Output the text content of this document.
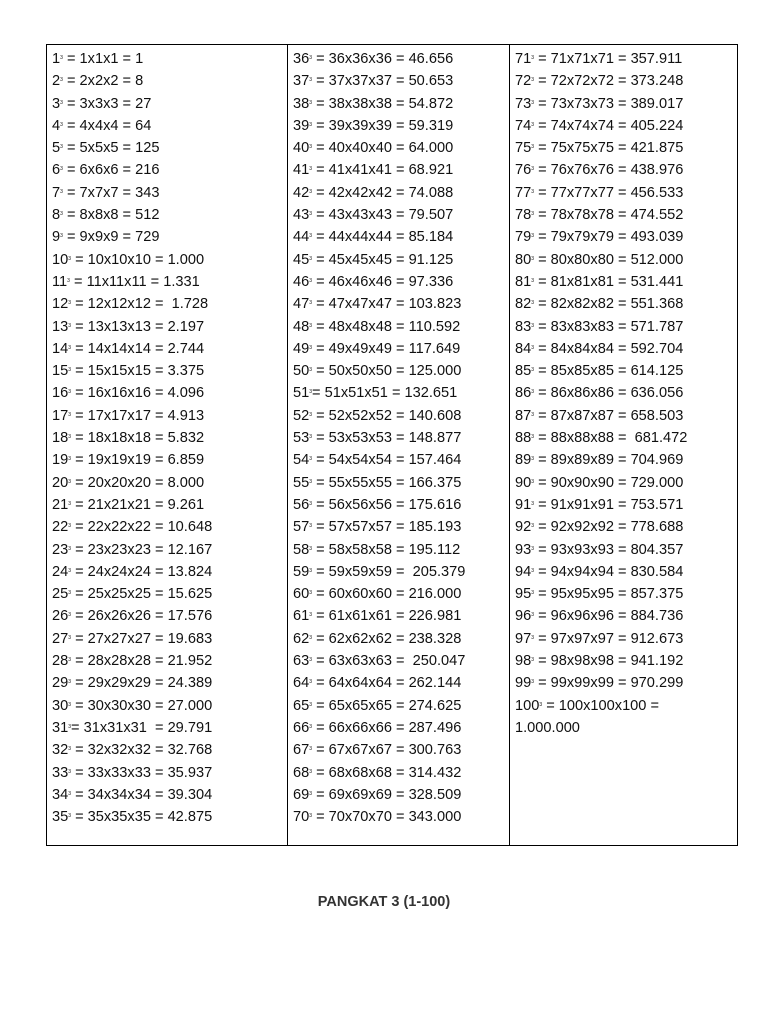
$1^3 = 1x1x1 = 1$
$2^3 = 2x2x2 = 8$
$3^3 = 3x3x3 = 27$
$4^3 = 4x4x4 = 64$
$5^3 = 5x5x5 = 125$
$6^3 = 6x6x6 = 216$
$7^3 = 7x7x7 = 343$
$8^3 = 8x8x8 = 512$
$9^3 = 9x9x9 = 729$
$10^3 = 10x10x10 = 1.000$
$11^3 = 11x11x11 = 1.331$
$12^3 = 12x12x12 = 1.728$
$13^3 = 13x13x13 = 2.197$
$14^3 = 14x14x14 = 2.744$
$15^3 = 15x15x15 = 3.375$
$16^3 = 16x16x16 = 4.096$
$17^3 = 17x17x17 = 4.913$
$18^3 = 18x18x18 = 5.832$
$19^3 = 19x19x19 = 6.859$
$20^3 = 20x20x20 = 8.000$
$21^3 = 21x21x21 = 9.261$
$22^3 = 22x22x22 = 10.648$
$23^3 = 23x23x23 = 12.167$
$24^3 = 24x24x24 = 13.824$
$25^3 = 25x25x25 = 15.625$
$26^3 = 26x26x26 = 17.576$
$27^3 = 27x27x27 = 19.683$
$28^3 = 28x28x28 = 21.952$
$29^3 = 29x29x29 = 24.389$
$30^3 = 30x30x30 = 27.000$
$31^3= 31x31x31 = 29.791$
$32^3 = 32x32x32 = 32.768$
$33^3 = 33x33x33 = 35.937$
$34^3 = 34x34x34 = 39.304$
$35^3 = 35x35x35 = 42.875$
$36^3 = 36x36x36 = 46.656$
$37^3 = 37x37x37 = 50.653$
$38^3 = 38x38x38 = 54.872$
$39^3 = 39x39x39 = 59.319$
$40^3 = 40x40x40 = 64.000$
$41^3 = 41x41x41 = 68.921$
$42^3 = 42x42x42 = 74.088$
$43^3 = 43x43x43 = 79.507$
$44^3 = 44x44x44 = 85.184$
$45^3 = 45x45x45 = 91.125$
$46^3 = 46x46x46 = 97.336$
$47^3 = 47x47x47 = 103.823$
$48^3 = 48x48x48 = 110.592$
$49^3 = 49x49x49 = 117.649$
$50^3 = 50x50x50 = 125.000$
$51^3= 51x51x51 = 132.651$
$52^3 = 52x52x52 = 140.608$
$53^3 = 53x53x53 = 148.877$
$54^3 = 54x54x54 = 157.464$
$55^3 = 55x55x55 = 166.375$
$56^3 = 56x56x56 = 175.616$
$57^3 = 57x57x57 = 185.193$
$58^3 = 58x58x58 = 195.112$
$59^3 = 59x59x59 = 205.379$
$60^3 = 60x60x60 = 216.000$
$61^3 = 61x61x61 = 226.981$
$62^3 = 62x62x62 = 238.328$
$63^3 = 63x63x63 = 250.047$
$64^3 = 64x64x64 = 262.144$
$65^3 = 65x65x65 = 274.625$
$66^3 = 66x66x66 = 287.496$
$67^3 = 67x67x67 = 300.763$
$68^3 = 68x68x68 = 314.432$
$69^3 = 69x69x69 = 328.509$
$70^3 = 70x70x70 = 343.000$
$71^3 = 71x71x71 = 357.911$
$72^3 = 72x72x72 = 373.248$
$73^3 = 73x73x73 = 389.017$
$74^3 = 74x74x74 = 405.224$
$75^3 = 75x75x75 = 421.875$
$76^3 = 76x76x76 = 438.976$
$77^3 = 77x77x77 = 456.533$
$78^3 = 78x78x78 = 474.552$
$79^3 = 79x79x79 = 493.039$
$80^3 = 80x80x80 = 512.000$
$81^3 = 81x81x81 = 531.441$
$82^3 = 82x82x82 = 551.368$
$83^3 = 83x83x83 = 571.787$
$84^3 = 84x84x84 = 592.704$
$85^3 = 85x85x85 = 614.125$
$86^3 = 86x86x86 = 636.056$
$87^3 = 87x87x87 = 658.503$
$88^3 = 88x88x88 = 681.472$
$89^3 = 89x89x89 = 704.969$
$90^3 = 90x90x90 = 729.000$
$91^3 = 91x91x91 = 753.571$
$92^3 = 92x92x92 = 778.688$
$93^3 = 93x93x93 = 804.357$
$94^3 = 94x94x94 = 830.584$
$95^3 = 95x95x95 = 857.375$
$96^3 = 96x96x96 = 884.736$
$97^3 = 97x97x97 = 912.673$
$98^3 = 98x98x98 = 941.192$
$99^3 = 99x99x99 = 970.299$
$100^3 = 100x100x100$ =
1.000.000
PANGKAT 3 (1-100)
